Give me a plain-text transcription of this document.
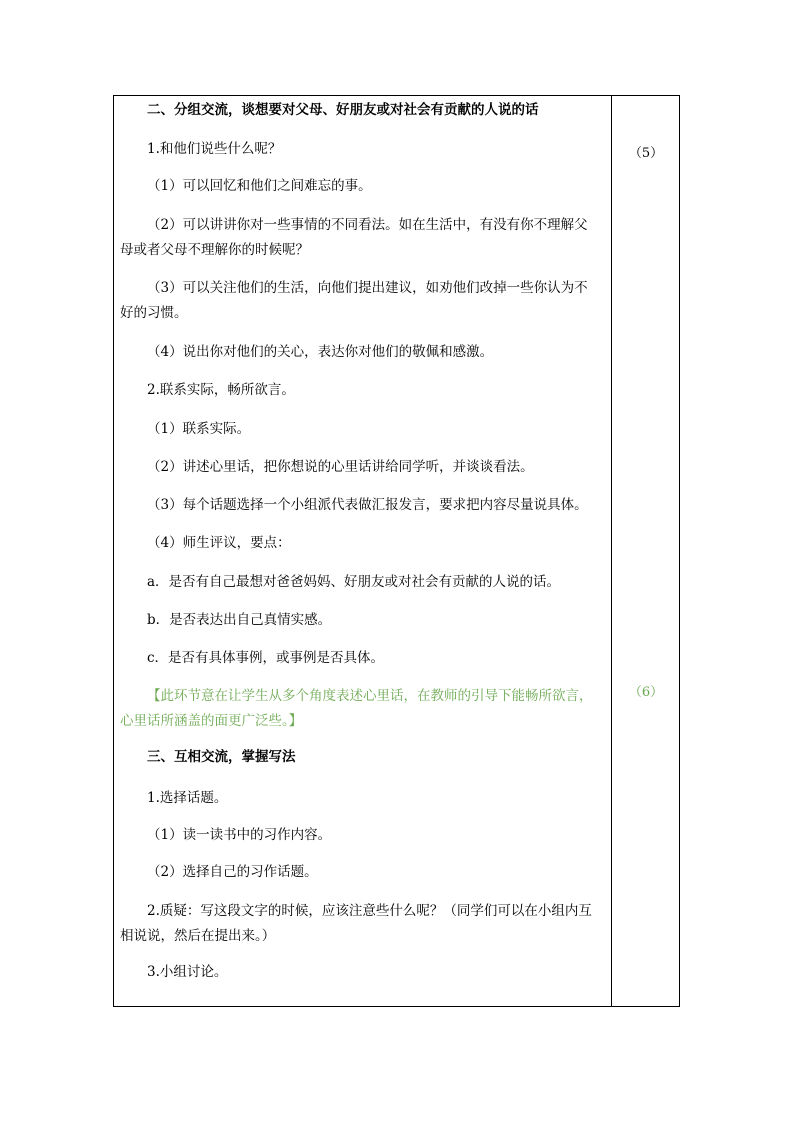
二、分组交流，谈想要对父母、好朋友或对社会有贡献的人说的话
1.和他们说些什么呢？
（1）可以回忆和他们之间难忘的事。
（2）可以讲讲你对一些事情的不同看法。如在生活中，有没有你不理解父
母或者父母不理解你的时候呢？
（3）可以关注他们的生活，向他们提出建议，如劝他们改掉一些你认为不
好的习惯。
（4）说出你对他们的关心，表达你对他们的敬佩和感激。
2.联系实际，畅所欲言。
（1）联系实际。
（2）讲述心里话，把你想说的心里话讲给同学听，并谈谈看法。
（3）每个话题选择一个小组派代表做汇报发言，要求把内容尽量说具体。
（4）师生评议，要点：
a．是否有自己最想对爸爸妈妈、好朋友或对社会有贡献的人说的话。
b．是否表达出自己真情实感。
c．是否有具体事例，或事例是否具体。
【此环节意在让学生从多个角度表述心里话，在教师的引导下能畅所欲言，
心里话所涵盖的面更广泛些。】
三、互相交流，掌握写法
1.选择话题。
（1）读一读书中的习作内容。
（2）选择自己的习作话题。
2.质疑：写这段文字的时候，应该注意些什么呢？（同学们可以在小组内互
相说说，然后在提出来。）
3.小组讨论。
（5）
（6）
